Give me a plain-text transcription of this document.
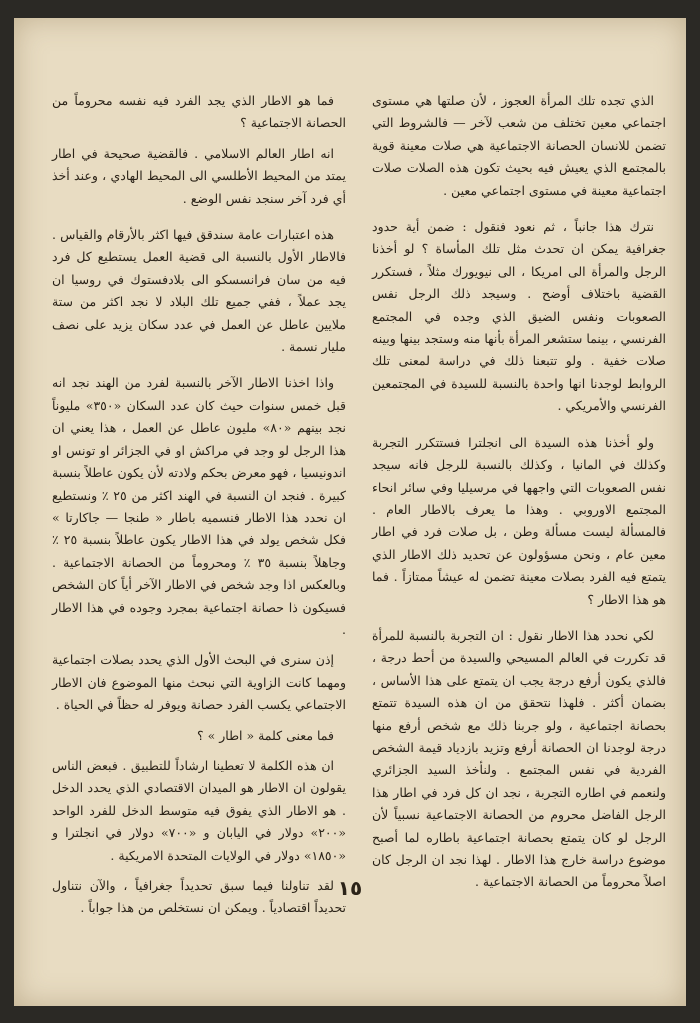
الذي تجده تلك المرأة العجوز ، لأن صلتها هي مستوى اجتماعي معين تختلف من شعب لآخر — فالشروط التي تضمن للانسان الحصانة الاجتماعية هي صلات معينة قوية بالمجتمع الذي يعيش فيه بحيث تكون هذه الصلات صلات اجتماعية معينة في مستوى اجتماعي معين .

نترك هذا جانباً ، ثم نعود فنقول : ضمن أية حدود جغرافية يمكن ان تحدث مثل تلك المأساة ؟ لو أخذنا الرجل والمرأة الى امريكا ، الى نيويورك مثلاً ، فستكرر القضية باختلاف أوضح . وسيجد ذلك الرجل نفس الصعوبات ونفس الضيق الذي وجده في المجتمع الفرنسي ، بينما ستشعر المرأة بأنها منه وستجد بينها وبينه صلات خفية . ولو تتبعنا ذلك في دراسة لمعنى تلك الروابط لوجدنا انها واحدة بالنسبة للسيدة في المجتمعين الفرنسي والأمريكي .

ولو أخذنا هذه السيدة الى انجلترا فستتكرر التجربة وكذلك في المانيا ، وكذلك بالنسبة للرجل فانه سيجد نفس الصعوبات التي واجهها في مرسيليا وفي سائر انحاء المجتمع الاوروبي . وهذا ما يعرف بالاطار العام . فالمسألة ليست مسألة وطن ، بل صلات فرد في اطار معين عام ، ونحن مسؤولون عن تحديد ذلك الاطار الذي يتمتع فيه الفرد بصلات معينة تضمن له عيشاً ممتازاً . فما هو هذا الاطار ؟

لكي نحدد هذا الاطار نقول : ان التجربة بالنسبة للمرأة قد تكررت في العالم المسيحي والسيدة من أحط درجة ، فالذي يكون أرفع درجة يجب ان يتمتع على هذا الأساس ، بضمان أكثر . فلهذا نتحقق من ان هذه السيدة تتمتع بحصانة اجتماعية ، ولو جربنا ذلك مع شخص أرفع منها درجة لوجدنا ان الحصانة أرفع وتزيد بازدياد قيمة الشخص الفردية في نفس المجتمع . ولنأخذ السيد الجزائري ولنعمم في اطاره التجربة ، نجد ان كل فرد في اطار هذا الرجل الفاضل محروم من الحصانة الاجتماعية نسبياً لأن الرجل لو كان يتمتع بحصانة اجتماعية باطاره لما أصبح موضوع دراسة خارج هذا الاطار . لهذا نجد ان الرجل كان اصلاً محروماً من الحصانة الاجتماعية .

فما هو الاطار الذي يجد الفرد فيه نفسه محروماً من الحصانة الاجتماعية ؟

انه اطار العالم الاسلامي . فالقضية صحيحة في اطار يمتد من المحيط الأطلسي الى المحيط الهادي ، وعند أخذ أي فرد آخر سنجد نفس الوضع .

هذه اعتبارات عامة سندقق فيها اكثر بالأرقام والقياس . فالاطار الأول بالنسبة الى قضية العمل يستطيع كل فرد فيه من سان فرانسسكو الى بلادفستوك في روسيا ان يجد عملاً ، ففي جميع تلك البلاد لا نجد اكثر من ستة ملايين عاطل عن العمل في عدد سكان يزيد على نصف مليار نسمة .

واذا اخذنا الاطار الآخر بالنسبة لفرد من الهند نجد انه قبل خمس سنوات حيث كان عدد السكان «٣٥٠» مليوناً نجد بينهم «٨٠» مليون عاطل عن العمل ، هذا يعني ان هذا الرجل لو وجد في مراكش او في الجزائر او تونس او اندونيسيا ، فهو معرض بحكم ولادته لأن يكون عاطلاً بنسبة كبيرة . فنجد ان النسبة في الهند اكثر من ٢٥ ٪ ونستطيع ان نحدد هذا الاطار فنسميه باطار « طنجا — جاكارتا » فكل شخص يولد في هذا الاطار يكون عاطلاً بنسبة ٢٥ ٪ وجاهلاً بنسبة ٣٥ ٪ ومحروماً من الحصانة الاجتماعية . وبالعكس اذا وجد شخص في الاطار الآخر أياً كان الشخص فسيكون ذا حصانة اجتماعية بمجرد وجوده في هذا الاطار .

إذن سنرى في البحث الأول الذي يحدد بصلات اجتماعية ومهما كانت الزاوية التي نبحث منها الموضوع فان الاطار الاجتماعي يكسب الفرد حصانة ويوفر له حظاً في الحياة .

فما معنى كلمة « اطار » ؟

ان هذه الكلمة لا تعطينا ارشاداً للتطبيق . فبعض الناس يقولون ان الاطار هو الميدان الاقتصادي الذي يحدد الدخل . هو الاطار الذي يفوق فيه متوسط الدخل للفرد الواحد «٢٠٠» دولار في اليابان و «٧٠٠» دولار في انجلترا و «١٨٥٠» دولار في الولايات المتحدة الامريكية .

لقد تناولنا فيما سبق تحديداً جغرافياً ، والآن نتناول تحديداً اقتصادياً . ويمكن ان نستخلص من هذا جواباً .

١٥
